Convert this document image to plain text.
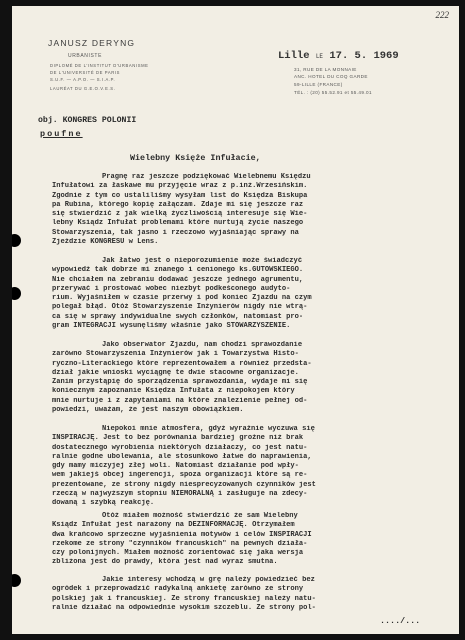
222
JANUSZ DERYNG
URBANISTE
DIPLOMÉ DE L'INSTITUT D'URBANISME
DE L'UNIVERSITÉ DE PARIS
S.U.F. — A.P.O. — S.I.A.P.
LAURÉAT DU G.E.O.V.E.S.
Lille LE 17. 5. 1969
31, RUE DE LA MONNAIE
ANC. HOTEL DU COQ GARDE
59-LILLE (FRANCE)
TÉL. : (20) 55.52.91 et 55.49.01
obj. KONGRES POLONII
poufne
Wielebny Księże Infułacie,
Pragnę raz jeszcze podziękować Wielebnemu Księdzu
Infułatowi za łaskawe mu przyjęcie wraz z p.inż.Wrzesińskim.
Zgodnie z tym co ustaliliśmy wysyłam list do Księdza Biskupa
pa Rubina, którego kopię załączam. Zdaje mi się jeszcze raz
się stwierdzić z jak wielką życzliwością interesuje się Wie-
lebny Ksiądz Infułat problemami które nurtują życie naszego
Stowarzyszenia, tak jasno i rzeczowo wyjaśniając sprawy na
Zjeździe KONGRESU w Lens.
Jak łatwo jest o nieporozumienie może świadczyć
wypowiedź tak dobrze mi znanego i cenionego ks.GUTOWSKIEGO.
Nie chciałem na zebraniu dodawać jeszcze jednego agrumentu,
przerywać i prostować wobec niezbyt podkeśconego audyto-
rium. Wyjaśniłem w czasie przerwy i pod koniec Zjazdu na czym
polegał błąd. Otóż Stowarzyszenie Inżynierów nigdy nie wtrą-
ca się w sprawy indywidualne swych członków, natomiast pro-
gram INTEGRACJI wysunęliśmy właśnie jako STOWARZYSZENIE.
Jako obserwator Zjazdu, nam chodzi sprawozdanie
zarówno Stowarzyszenia Inżynierów jak i Towarzystwa Histo-
ryczno-Literackiego które reprezentowałem a również przedsta-
dział jakie wnioski wyciągnę te dwie stacowne organizacje.
Zanim przystąpię do sporządzenia sprawozdania, wydaje mi się
koniecznym zapoznanie Księdza Infułata z niepokojem który
mnie nurtuje i z zapytaniami na które znalezienie pełnej od-
powiedzi, uważam, że jest naszym obowiązkiem.
Niepokoi mnie atmosfera, gdyż wyraźnie wyczuwa się
INSPIRACJĘ. Jest to bez porównania bardziej groźne niż brak
dostatecznego wyrobienia niektórych działaczy, co jest natu-
ralnie godne ubolewania, ale stosunkowo łatwe do naprawienia,
gdy mamy miczyjej złej woli. Natomiast działanie pod wpły-
wem jakiejś obcej ingerencji, spoza organizacji które są re-
prezentowane, ze strony nigdy niesprecyzowanych czynników jest
rzeczą w najwyższym stopniu NIEMORALNĄ i zasługuje na zdecy-
dowaną i szybką reakcję.
Otóż miałem możność stwierdzić że sam Wielebny
Ksiądz Infułat jest narażony na DEZINFORMACJĘ. Otrzymałem
dwa krańcowo sprzeczne wyjaśnienia motywów i celów INSPIRACJI
rzekome ze strony "czynników francuskich" na pewnych działa-
czy polonijnych. Miałem możność zorientować się jaka wersja
zbliżona jest do prawdy, która jest nad wyraz smutna.
Jakie interesy wchodzą w grę należy powiedzieć bez
ogródek i przeprowadzić radykalną ankietę zarówno ze strony
polskiej jak i francuskiej. Ze strony francuskiej należy natu-
ralnie działać na odpowiednie wysokim szczeblu. Ze strony pol-
..../...
